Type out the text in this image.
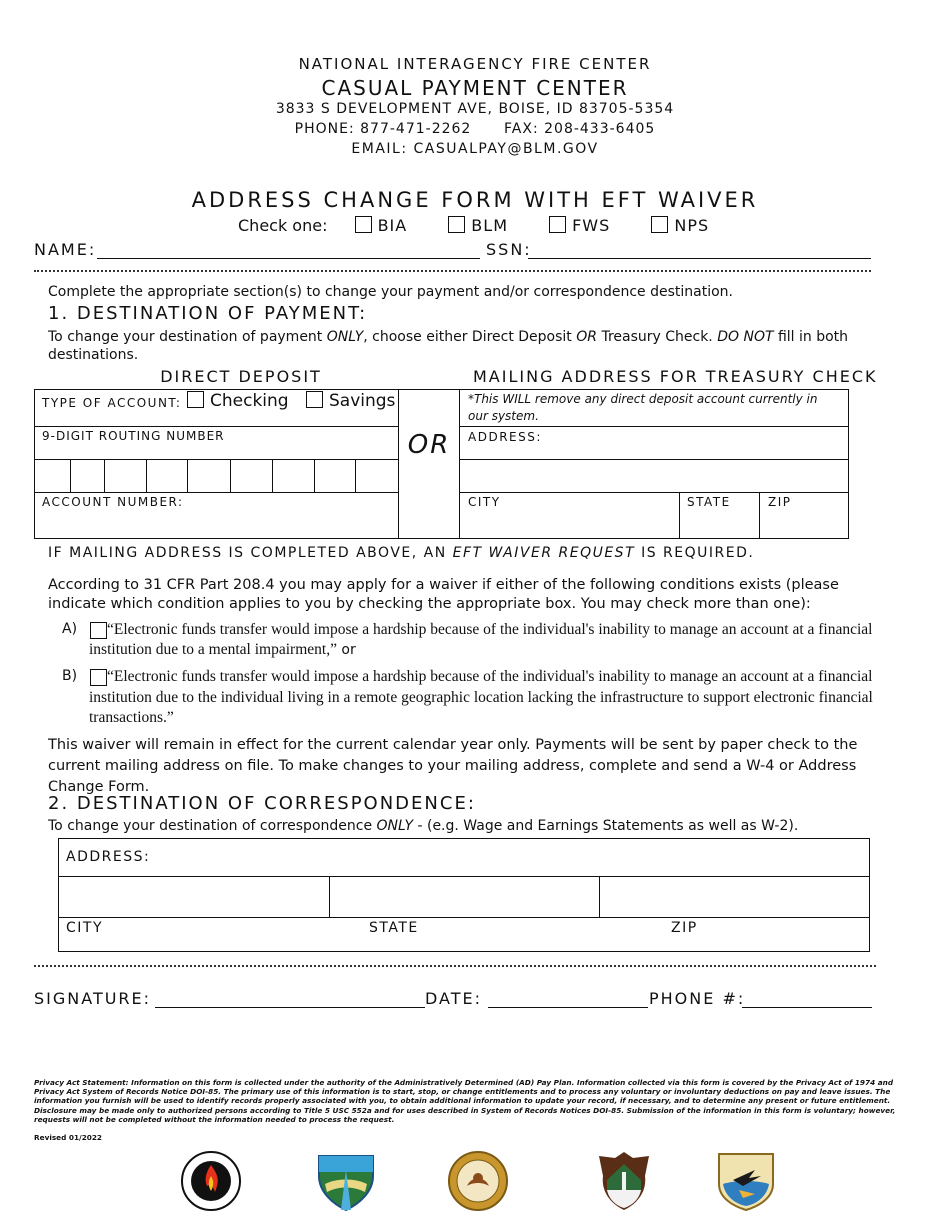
NATIONAL INTERAGENCY FIRE CENTER
CASUAL PAYMENT CENTER
3833 S DEVELOPMENT AVE, BOISE, ID 83705-5354
PHONE: 877-471-2262      FAX: 208-433-6405
EMAIL: CASUALPAY@BLM.GOV
ADDRESS CHANGE FORM WITH EFT WAIVER
Check one:	BIA	BLM	FWS	NPS
NAME:	SSN:
Complete the appropriate section(s) to change your payment and/or correspondence destination.
1. DESTINATION OF PAYMENT:
To change your destination of payment ONLY, choose either Direct Deposit OR Treasury Check. DO NOT fill in both destinations.
DIRECT DEPOSIT	MAILING ADDRESS FOR TREASURY CHECK
TYPE OF ACCOUNT:	Checking Savings
9-DIGIT ROUTING NUMBER
ACCOUNT NUMBER:
OR
*This WILL remove any direct deposit account currently in our system.
ADDRESS:
CITY	STATE	ZIP
IF MAILING ADDRESS IS COMPLETED ABOVE, AN EFT WAIVER REQUEST IS REQUIRED.
According to 31 CFR Part 208.4 you may apply for a waiver if either of the following conditions exists (please indicate which condition applies to you by checking the appropriate box. You may check more than one):
A)	“Electronic funds transfer would impose a hardship because of the individual's inability to manage an account at a financial institution due to a mental impairment,” or
B)	“Electronic funds transfer would impose a hardship because of the individual's inability to manage an account at a financial institution due to the individual living in a remote geographic location lacking the infrastructure to support electronic financial transactions.”
This waiver will remain in effect for the current calendar year only. Payments will be sent by paper check to the current mailing address on file. To make changes to your mailing address, complete and send a W-4 or Address Change Form.
2. DESTINATION OF CORRESPONDENCE:
To change your destination of correspondence ONLY - (e.g. Wage and Earnings Statements as well as W-2).
ADDRESS:
CITY	STATE	ZIP
SIGNATURE:	DATE:	PHONE #:
Privacy Act Statement: Information on this form is collected under the authority of the Administratively Determined (AD) Pay Plan. Information collected via this form is covered by the Privacy Act of 1974 and Privacy Act System of Records Notice DOI-85. The primary use of this information is to start, stop, or change entitlements and to process any voluntary or involuntary deductions on pay and leave issues. The information you furnish will be used to identify records properly associated with you, to obtain additional information to update your record, if necessary, and to determine any present or future entitlement. Disclosure may be made only to authorized persons according to Title 5 USC 552a and for uses described in System of Records Notices DOI-85. Submission of the information in this form is voluntary; however, requests will not be completed without the information needed to process the request.
Revised 01/2022
